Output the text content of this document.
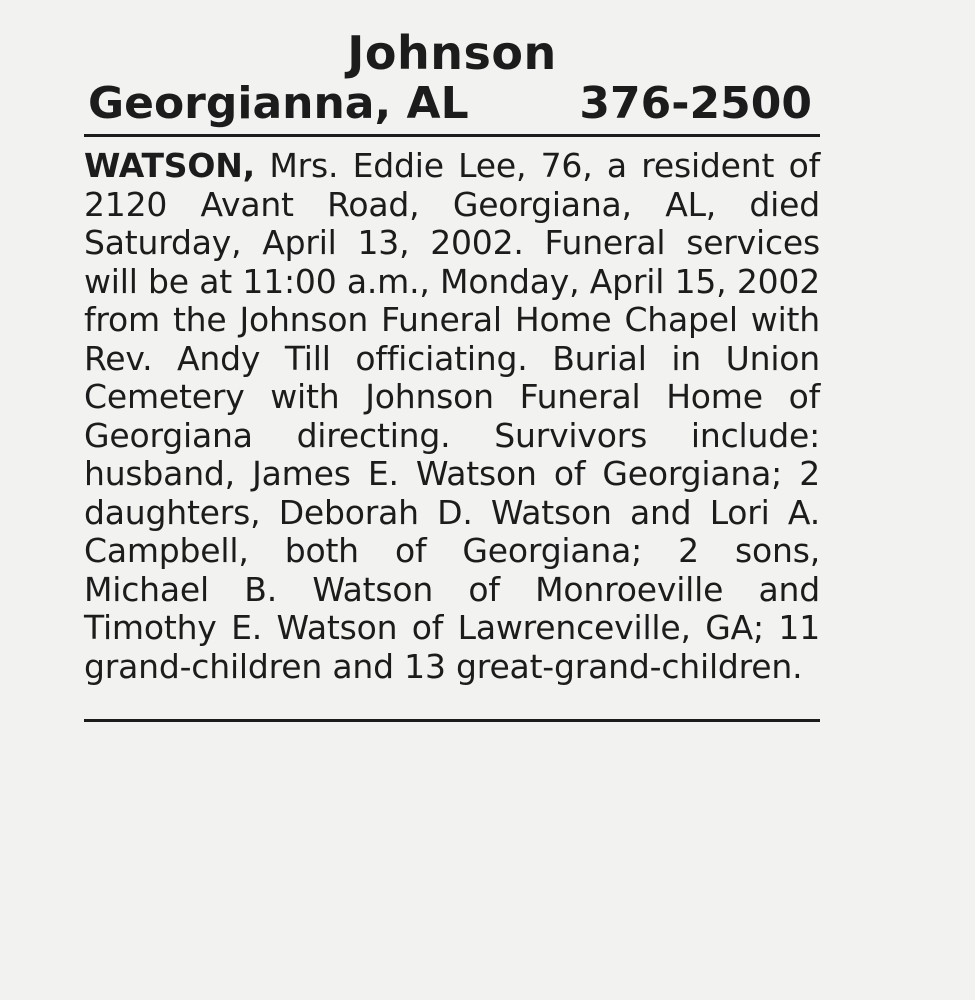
Johnson
Georgianna, AL	376-2500

WATSON, Mrs. Eddie Lee, 76, a resident of 2120 Avant Road, Georgiana, AL, died Saturday, April 13, 2002. Funeral services will be at 11:00 a.m., Monday, April 15, 2002 from the Johnson Funeral Home Chapel with Rev. Andy Till officiating. Burial in Union Cemetery with Johnson Funeral Home of Georgiana directing. Survivors include: husband, James E. Watson of Georgiana; 2 daughters, Deborah D. Watson and Lori A. Campbell, both of Georgiana; 2 sons, Michael B. Watson of Monroeville and Timothy E. Watson of Lawrenceville, GA; 11 grand-children and 13 great-grand-children.
